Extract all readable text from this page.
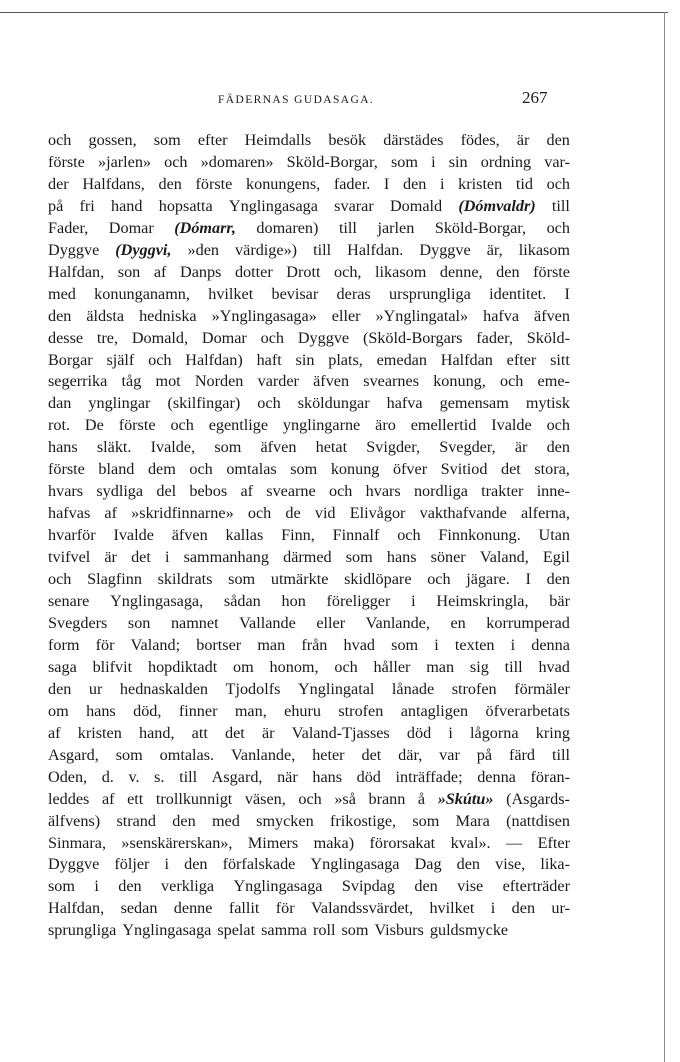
FÄDERNAS GUDASAGA.	267
och gossen, som efter Heimdalls besök därstädes födes, är den
förste »jarlen» och »domaren» Sköld-Borgar, som i sin ordning var-
der Halfdans, den förste konungens, fader. I den i kristen tid och
på fri hand hopsatta Ynglingasaga svarar Domald (Dómvaldr) till
Fader, Domar (Dómarr, domaren) till jarlen Sköld-Borgar, och
Dyggve (Dyggvi, »den värdige») till Halfdan. Dyggve är, likasom
Halfdan, son af Danps dotter Drott och, likasom denne, den förste
med konunganamn, hvilket bevisar deras ursprungliga identitet. I
den äldsta hedniska »Ynglingasaga» eller »Ynglingatal» hafva äfven
desse tre, Domald, Domar och Dyggve (Sköld-Borgars fader, Sköld-
Borgar själf och Halfdan) haft sin plats, emedan Halfdan efter sitt
segerrika tåg mot Norden varder äfven svearnes konung, och eme-
dan ynglingar (skilfingar) och sköldungar hafva gemensam mytisk
rot. De förste och egentlige ynglingarne äro emellertid Ivalde och
hans släkt. Ivalde, som äfven hetat Svigder, Svegder, är den
förste bland dem och omtalas som konung öfver Svitiod det stora,
hvars sydliga del bebos af svearne och hvars nordliga trakter inne-
hafvas af »skridfinnarne» och de vid Elivågor vakthafvande alferna,
hvarför Ivalde äfven kallas Finn, Finnalf och Finnkonung. Utan
tvifvel är det i sammanhang därmed som hans söner Valand, Egil
och Slagfinn skildrats som utmärkte skidlöpare och jägare. I den
senare Ynglingasaga, sådan hon föreligger i Heimskringla, bär
Svegders son namnet Vallande eller Vanlande, en korrumperad
form för Valand; bortser man från hvad som i texten i denna
saga blifvit hopdiktadt om honom, och håller man sig till hvad
den ur hednaskalden Tjodolfs Ynglingatal lånade strofen förmäler
om hans död, finner man, ehuru strofen antagligen öfverarbetats
af kristen hand, att det är Valand-Tjasses död i lågorna kring
Asgard, som omtalas. Vanlande, heter det där, var på färd till
Oden, d. v. s. till Asgard, när hans död inträffade; denna föran-
leddes af ett trollkunnigt väsen, och »så brann å »Skútu» (Asgards-
älfvens) strand den med smycken frikostige, som Mara (nattdisen
Sinmara, »senskärerskan», Mimers maka) förorsakat kval». — Efter
Dyggve följer i den förfalskade Ynglingasaga Dag den vise, lika-
som i den verkliga Ynglingasaga Svipdag den vise efterträder
Halfdan, sedan denne fallit för Valandssvärdet, hvilket i den ur-
sprungliga Ynglingasaga spelat samma roll som Visburs guldsmycke
